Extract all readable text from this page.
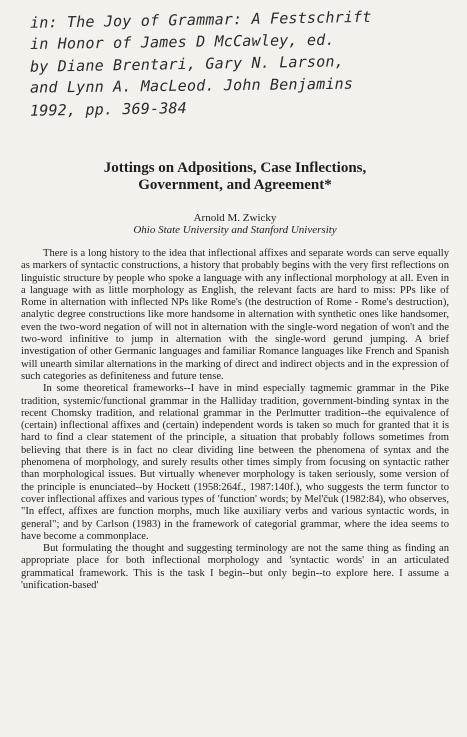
in: The Joy of Grammar: A Festschrift
in Honor of James D McCawley, ed.
by Diane Brentari, Gary N. Larson,
and Lynn A. MacLeod. John Benjamins
1992, pp. 369-384
Jottings on Adpositions, Case Inflections,
Government, and Agreement*
Arnold M. Zwicky
Ohio State University and Stanford University

There is a long history to the idea that inflectional affixes and separate words can serve equally as markers of syntactic constructions, a history that probably begins with the very first reflections on linguistic structure by people who spoke a language with any inflectional morphology at all. Even in a language with as little morphology as English, the relevant facts are hard to miss: PPs like of Rome in alternation with inflected NPs like Rome's (the destruction of Rome - Rome's destruction), analytic degree constructions like more handsome in alternation with synthetic ones like handsomer, even the two-word negation of will not in alternation with the single-word negation of won't and the two-word infinitive to jump in alternation with the single-word gerund jumping. A brief investigation of other Germanic languages and familiar Romance languages like French and Spanish will unearth similar alternations in the marking of direct and indirect objects and in the expression of such categories as definiteness and future tense.

In some theoretical frameworks--I have in mind especially tagmemic grammar in the Pike tradition, systemic/functional grammar in the Halliday tradition, government-binding syntax in the recent Chomsky tradition, and relational grammar in the Perlmutter tradition--the equivalence of (certain) inflectional affixes and (certain) independent words is taken so much for granted that it is hard to find a clear statement of the principle, a situation that probably follows sometimes from believing that there is in fact no clear dividing line between the phenomena of syntax and the phenomena of morphology, and surely results other times simply from focusing on syntactic rather than morphological issues. But virtually whenever morphology is taken seriously, some version of the principle is enunciated--by Hockett (1958:264f., 1987:140f.), who suggests the term functor to cover inflectional affixes and various types of 'function' words; by Mel'čuk (1982:84), who observes, "In effect, affixes are function morphs, much like auxiliary verbs and various syntactic words, in general"; and by Carlson (1983) in the framework of categorial grammar, where the idea seems to have become a commonplace.

But formulating the thought and suggesting terminology are not the same thing as finding an appropriate place for both inflectional morphology and 'syntactic words' in an articulated grammatical framework. This is the task I begin--but only begin--to explore here. I assume a 'unification-based'
